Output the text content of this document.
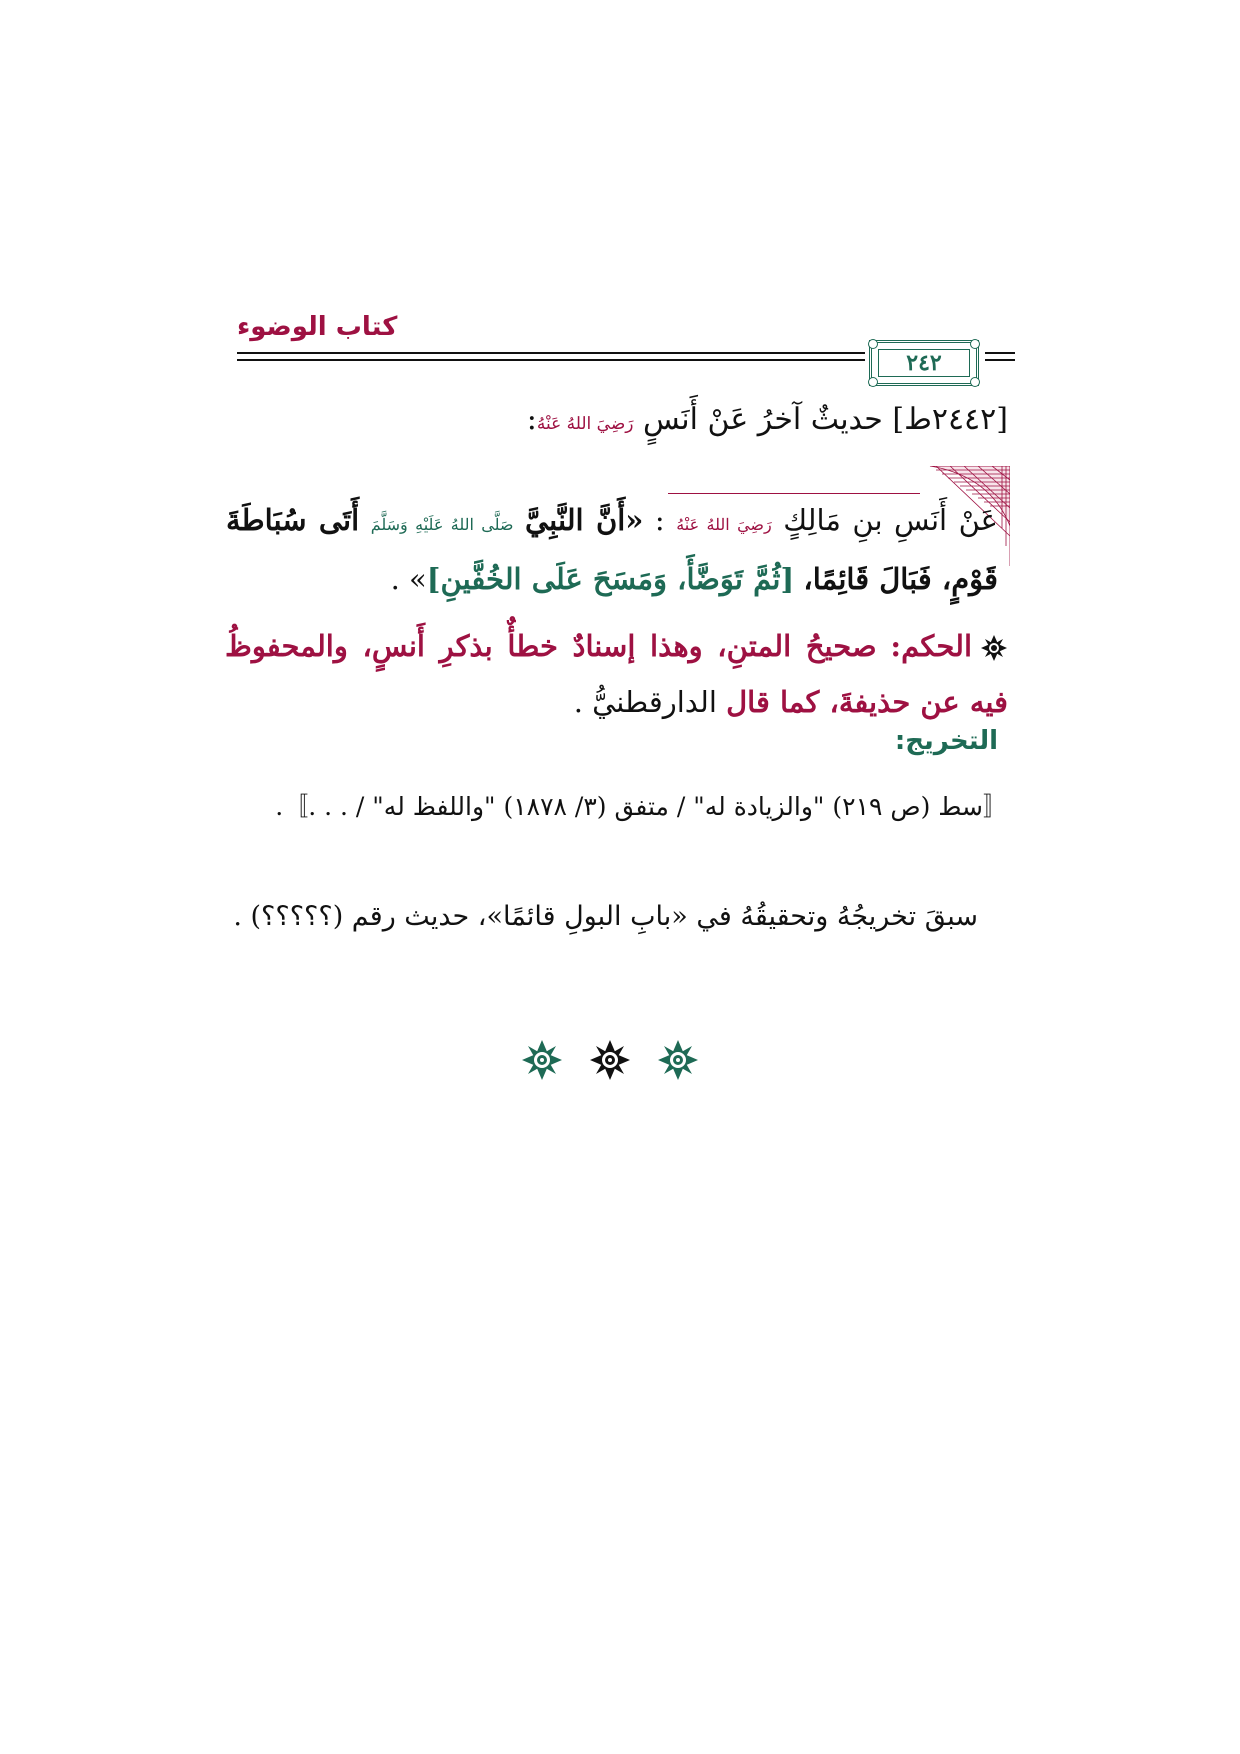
كتاب الوضوء
٢٤٢
[٢٤٤٢ط] حديثٌ آخرُ عَنْ أَنَسٍ رَضِيَ اللهُ عَنْهُ:
عَنْ أَنَسِ بنِ مَالِكٍ رَضِيَ اللهُ عَنْهُ : «أَنَّ النَّبِيَّ صَلَّى اللهُ عَلَيْهِ وَسَلَّمَ أَتَى سُبَاطَةَ قَوْمٍ، فَبَالَ قَائِمًا، [ثُمَّ تَوَضَّأَ، وَمَسَحَ عَلَى الخُفَّينِ]» .
الحكم: صحيحُ المتنِ، وهذا إسنادٌ خطأٌ بذكرِ أَنسٍ، والمحفوظُ فيه عن حذيفةَ، كما قال الدارقطنيُّ .
التخريج:
〚سط (ص ٢١٩) "والزيادة له" / متفق (٣/ ١٨٧٨) "واللفظ له" / . . .〛.
سبقَ تخريجُهُ وتحقيقُهُ في «بابِ البولِ قائمًا»، حديث رقم (؟؟؟؟؟) .
